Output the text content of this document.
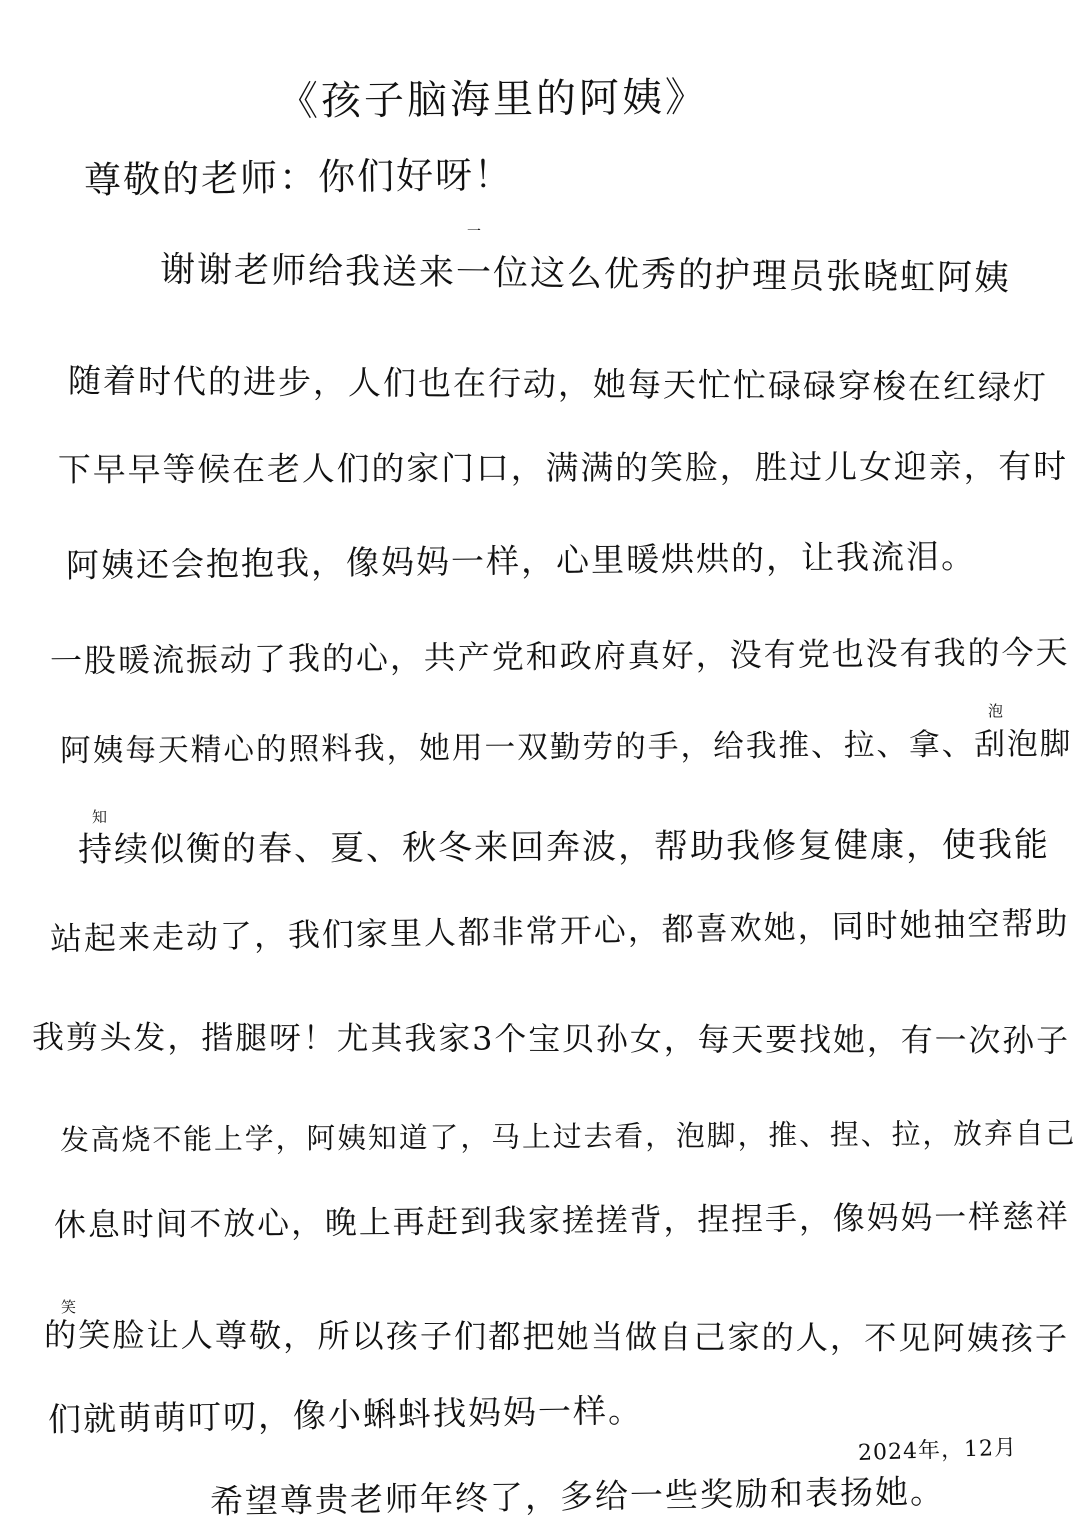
《孩子脑海里的阿姨》
尊敬的老师：你们好呀！
一
谢谢老师给我送来一位这么优秀的护理员张晓虹阿姨
随着时代的进步，人们也在行动，她每天忙忙碌碌穿梭在红绿灯
下早早等候在老人们的家门口，满满的笑脸，胜过儿女迎亲，有时
阿姨还会抱抱我，像妈妈一样，心里暖烘烘的，让我流泪。
一股暖流振动了我的心，共产党和政府真好，没有党也没有我的今天
泡
阿姨每天精心的照料我，她用一双勤劳的手，给我推、拉、拿、刮泡脚
知
持续似衡的春、夏、秋冬来回奔波，帮助我修复健康，使我能
站起来走动了，我们家里人都非常开心，都喜欢她，同时她抽空帮助
我剪头发，揩腿呀！尤其我家3个宝贝孙女，每天要找她，有一次孙子
发高烧不能上学，阿姨知道了，马上过去看，泡脚，推、捏、拉，放弃自己
休息时间不放心，晚上再赶到我家搓搓背，捏捏手，像妈妈一样慈祥
笑
的笑脸让人尊敬，所以孩子们都把她当做自己家的人，不见阿姨孩子
们就萌萌叮叨，像小蝌蚪找妈妈一样。
2024年，12月
希望尊贵老师年终了，多给一些奖励和表扬她。
